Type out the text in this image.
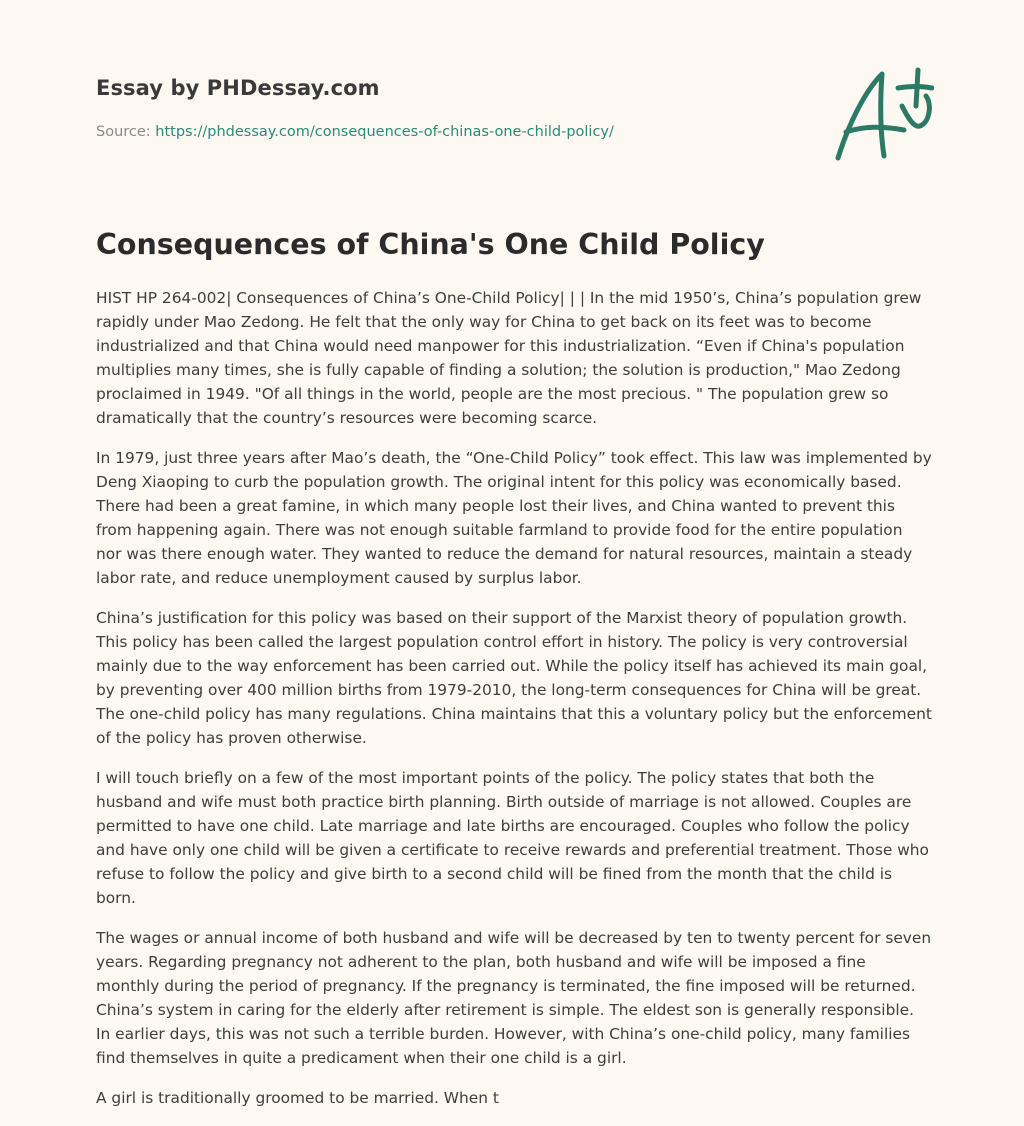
Essay by PHDessay.com
Source: https://phdessay.com/consequences-of-chinas-one-child-policy/
Consequences of China's One Child Policy

HIST HP 264-002| Consequences of China’s One-Child Policy| | | In the mid 1950’s, China’s population grew rapidly under Mao Zedong. He felt that the only way for China to get back on its feet was to become industrialized and that China would need manpower for this industrialization. “Even if China's population multiplies many times, she is fully capable of finding a solution; the solution is production," Mao Zedong proclaimed in 1949. "Of all things in the world, people are the most precious. " The population grew so dramatically that the country’s resources were becoming scarce.

In 1979, just three years after Mao’s death, the “One-Child Policy” took effect. This law was implemented by Deng Xiaoping to curb the population growth. The original intent for this policy was economically based. There had been a great famine, in which many people lost their lives, and China wanted to prevent this from happening again. There was not enough suitable farmland to provide food for the entire population nor was there enough water. They wanted to reduce the demand for natural resources, maintain a steady labor rate, and reduce unemployment caused by surplus labor.

China’s justification for this policy was based on their support of the Marxist theory of population growth. This policy has been called the largest population control effort in history. The policy is very controversial mainly due to the way enforcement has been carried out. While the policy itself has achieved its main goal, by preventing over 400 million births from 1979-2010, the long-term consequences for China will be great. The one-child policy has many regulations. China maintains that this a voluntary policy but the enforcement of the policy has proven otherwise.

I will touch briefly on a few of the most important points of the policy. The policy states that both the husband and wife must both practice birth planning. Birth outside of marriage is not allowed. Couples are permitted to have one child. Late marriage and late births are encouraged. Couples who follow the policy and have only one child will be given a certificate to receive rewards and preferential treatment. Those who refuse to follow the policy and give birth to a second child will be fined from the month that the child is born.

The wages or annual income of both husband and wife will be decreased by ten to twenty percent for seven years. Regarding pregnancy not adherent to the plan, both husband and wife will be imposed a fine monthly during the period of pregnancy. If the pregnancy is terminated, the fine imposed will be returned. China’s system in caring for the elderly after retirement is simple. The eldest son is generally responsible. In earlier days, this was not such a terrible burden. However, with China’s one-child policy, many families find themselves in quite a predicament when their one child is a girl.

A girl is traditionally groomed to be married. When t
